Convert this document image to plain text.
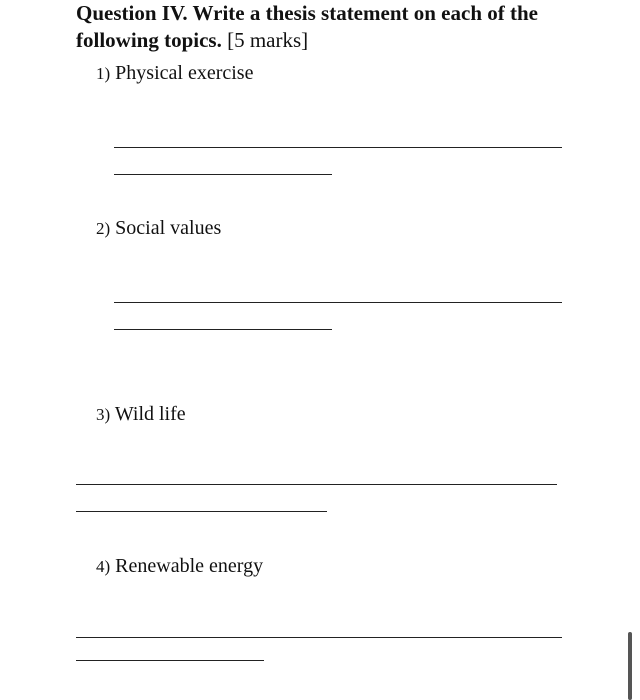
Question IV. Write a thesis statement on each of the following topics. [5 marks]
1) Physical exercise
2) Social values
3) Wild life
4) Renewable energy
